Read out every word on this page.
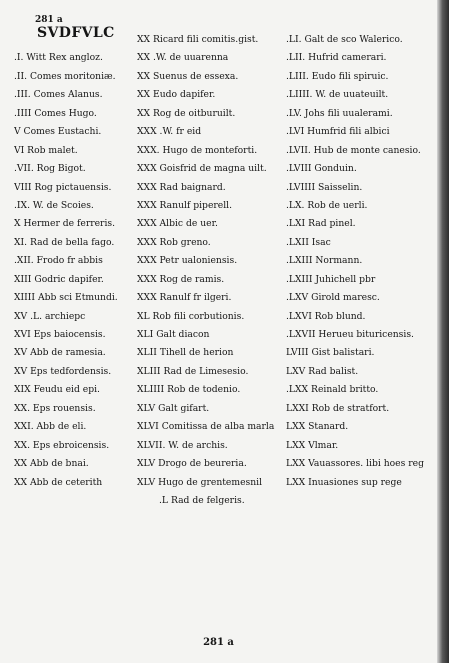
281 a
SVDFVLC
.I. Witt Rex angloz.
.II. Comes moritoniæ.
.III. Comes Alanus.
.IIII Comes Hugo.
V Comes Eustachi.
VI Rob malet.
.VII. Rog Bigot.
VIII Rog pictauensis.
.IX. W. de Scoies.
X Hermer de ferreris.
XI. Rad de bella fago.
.XII. Frodo fr abbis
XIII Godric dapifer.
XIIII Abb sci Etmundi.
XV .L. archiepc
XVI Eps baiocensis.
XV Abb de ramesia.
XV Eps tedfordensis.
XIX Feudu eid epi.
XX. Eps rouensis.
XXI. Abb de eli.
XX. Eps ebroicensis.
XX Abb de bnai.
XX Abb de ceterith
XX Ricard fili comitis.gist.
XX .W. de uuarenna
XX Suenus de essexa.
XX Eudo dapifer.
XX Rog de oitburuilt.
XXX .W. fr eid
XXX. Hugo de monteforti.
XXX Goisfrid de magna uilt.
XXX Rad baignard.
XXX Ranulf piperell.
XXX Albic de uer.
XXX Rob greno.
XXX Petr ualoniensis.
XXX Rog de ramis.
XXX Ranulf fr ilgeri.
XL Rob fili corbutionis.
XLI Galt diacon
XLII Tihell de herion
XLIII Rad de Limesesio.
XLIIII Rob de todenio.
XLV Galt gifart.
XLVI Comitissa de alba marla
XLVII. W. de archis.
XLV Drogo de beureria.
XLV Hugo de grentemesnil
.L Rad de felgeris.
.LI. Galt de sco Walerico.
.LII. Hufrid camerari.
.LIII. Eudo fili spiruic.
.LIIII. W. de uuateuilt.
.LV. Johs fili uualerami.
.LVI Humfrid fili albici
.LVII. Hub de monte canesio.
.LVIII Gonduin.
.LVIIII Saisselin.
.LX. Rob de uerli.
.LXI Rad pinel.
.LXII Isac
.LXIII Normann.
.LXIII Juhichell pbr
.LXV Girold maresc.
.LXVI Rob blund.
.LXVII Herueu bituricensis.
LVIII Gist balistari.
LXV Rad balist.
.LXX Reinald britto.
LXXI Rob de stratfort.
LXX Stanard.
LXX Vlmar.
LXX Vauassores. libi hoes reg
LXX Inuasiones sup rege
281 a
